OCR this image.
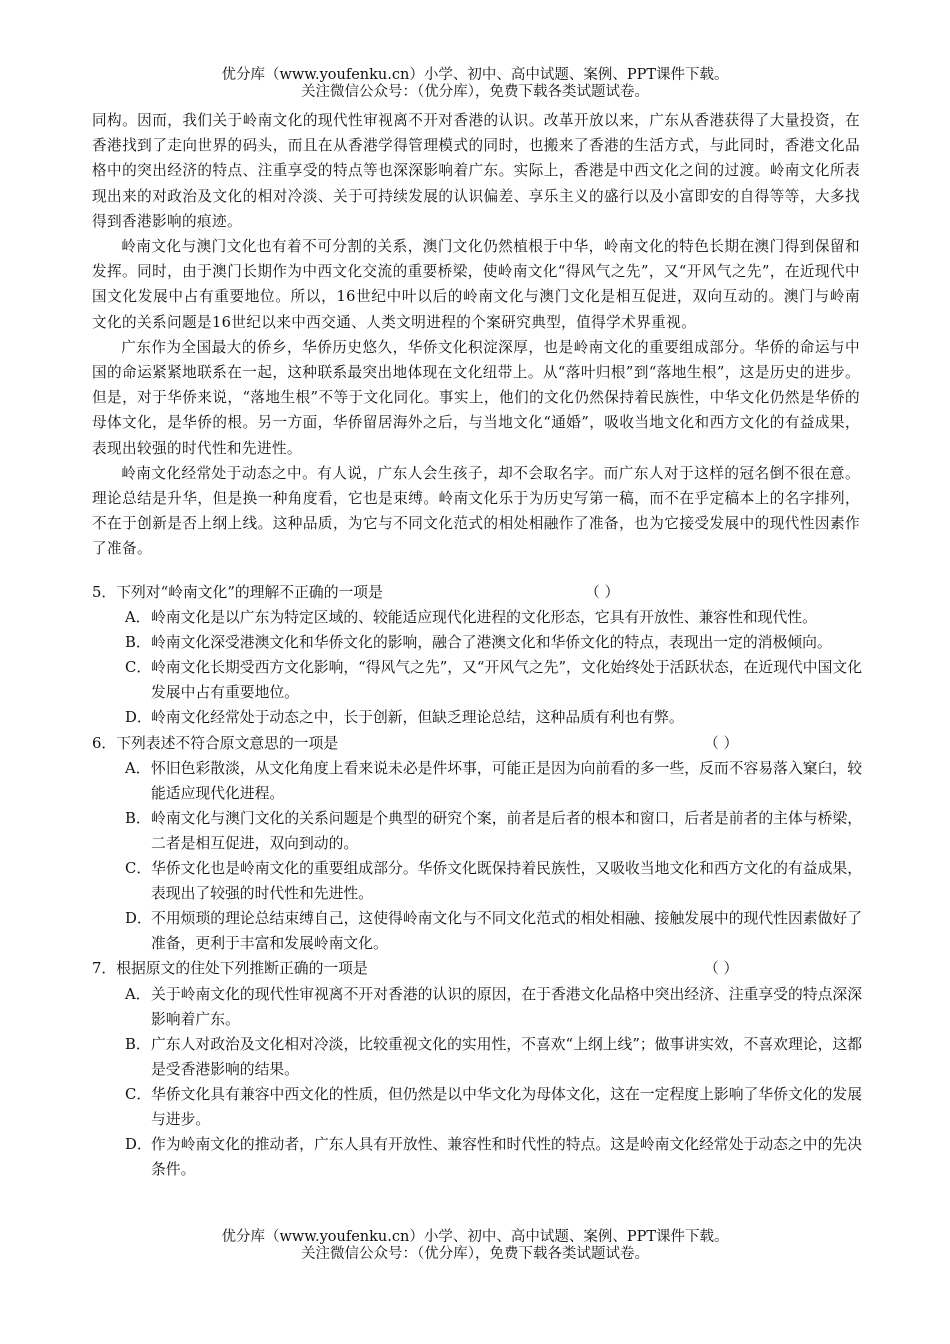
优分库（www.youfenku.cn）小学、初中、高中试题、案例、PPT课件下载。
关注微信公众号：（优分库），免费下载各类试题试卷。

同构。因而，我们关于岭南文化的现代性审视离不开对香港的认识。改革开放以来，广东从香港获得了大量投资，在香港找到了走向世界的码头，而且在从香港学得管理模式的同时，也搬来了香港的生活方式，与此同时，香港文化品格中的突出经济的特点、注重享受的特点等也深深影响着广东。实际上，香港是中西文化之间的过渡。岭南文化所表现出来的对政治及文化的相对冷淡、关于可持续发展的认识偏差、享乐主义的盛行以及小富即安的自得等等，大多找得到香港影响的痕迹。

岭南文化与澳门文化也有着不可分割的关系，澳门文化仍然植根于中华，岭南文化的特色长期在澳门得到保留和发挥。同时，由于澳门长期作为中西文化交流的重要桥梁，使岭南文化“得风气之先”，又“开风气之先”，在近现代中国文化发展中占有重要地位。所以，16世纪中叶以后的岭南文化与澳门文化是相互促进，双向互动的。澳门与岭南文化的关系问题是16世纪以来中西交通、人类文明进程的个案研究典型，值得学术界重视。

广东作为全国最大的侨乡，华侨历史悠久，华侨文化积淀深厚，也是岭南文化的重要组成部分。华侨的命运与中国的命运紧紧地联系在一起，这种联系最突出地体现在文化纽带上。从“落叶归根”到“落地生根”，这是历史的进步。但是，对于华侨来说，“落地生根”不等于文化同化。事实上，他们的文化仍然保持着民族性，中华文化仍然是华侨的母体文化，是华侨的根。另一方面，华侨留居海外之后，与当地文化“通婚”，吸收当地文化和西方文化的有益成果，表现出较强的时代性和先进性。

岭南文化经常处于动态之中。有人说，广东人会生孩子，却不会取名字。而广东人对于这样的冠名倒不很在意。理论总结是升华，但是换一种角度看，它也是束缚。岭南文化乐于为历史写第一稿，而不在乎定稿本上的名字排列，不在于创新是否上纲上线。这种品质，为它与不同文化范式的相处相融作了准备，也为它接受发展中的现代性因素作了准备。

5．下列对“岭南文化”的理解不正确的一项是	（ ）
A． 岭南文化是以广东为特定区域的、较能适应现代化进程的文化形态，它具有开放性、兼容性和现代性。
B． 岭南文化深受港澳文化和华侨文化的影响，融合了港澳文化和华侨文化的特点，表现出一定的消极倾向。
C． 岭南文化长期受西方文化影响，“得风气之先”，又“开风气之先”，文化始终处于活跃状态，在近现代中国文化发展中占有重要地位。
D． 岭南文化经常处于动态之中，长于创新，但缺乏理论总结，这种品质有利也有弊。
6．下列表述不符合原文意思的一项是	（ ）
A． 怀旧色彩散淡，从文化角度上看来说未必是件坏事，可能正是因为向前看的多一些，反而不容易落入窠臼，较能适应现代化进程。
B． 岭南文化与澳门文化的关系问题是个典型的研究个案，前者是后者的根本和窗口，后者是前者的主体与桥梁，二者是相互促进，双向到动的。
C． 华侨文化也是岭南文化的重要组成部分。华侨文化既保持着民族性，又吸收当地文化和西方文化的有益成果，表现出了较强的时代性和先进性。
D． 不用烦琐的理论总结束缚自己，这使得岭南文化与不同文化范式的相处相融、接触发展中的现代性因素做好了准备，更利于丰富和发展岭南文化。
7．根据原文的住处下列推断正确的一项是	（ ）
A． 关于岭南文化的现代性审视离不开对香港的认识的原因，在于香港文化品格中突出经济、注重享受的特点深深影响着广东。
B． 广东人对政治及文化相对冷淡，比较重视文化的实用性，不喜欢“上纲上线”；做事讲实效，不喜欢理论，这都是受香港影响的结果。
C． 华侨文化具有兼容中西文化的性质，但仍然是以中华文化为母体文化，这在一定程度上影响了华侨文化的发展与进步。
D． 作为岭南文化的推动者，广东人具有开放性、兼容性和时代性的特点。这是岭南文化经常处于动态之中的先决条件。
优分库（www.youfenku.cn）小学、初中、高中试题、案例、PPT课件下载。
关注微信公众号：（优分库），免费下载各类试题试卷。
